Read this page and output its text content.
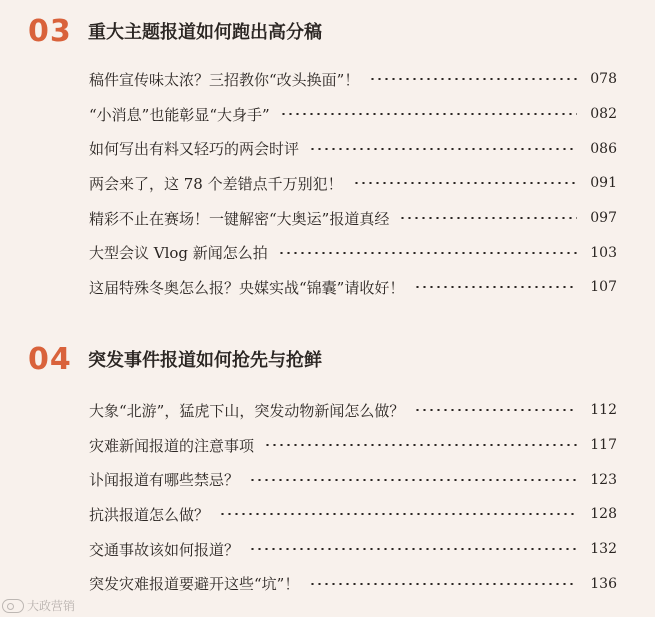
03 重大主题报道如何跑出高分稿
稿件宣传味太浓？三招教你“改头换面”！	078
“小消息”也能彰显“大身手”	082
如何写出有料又轻巧的两会时评	086
两会来了，这 78 个差错点千万别犯！	091
精彩不止在赛场！一键解密“大奥运”报道真经	097
大型会议 Vlog 新闻怎么拍	103
这届特殊冬奥怎么报？央媒实战“锦囊”请收好！	107
04 突发事件报道如何抢先与抢鲜
大象“北游”，猛虎下山，突发动物新闻怎么做？	112
灾难新闻报道的注意事项	117
讣闻报道有哪些禁忌？	123
抗洪报道怎么做？	128
交通事故该如何报道？	132
突发灾难报道要避开这些“坑”！	136
大政营销
